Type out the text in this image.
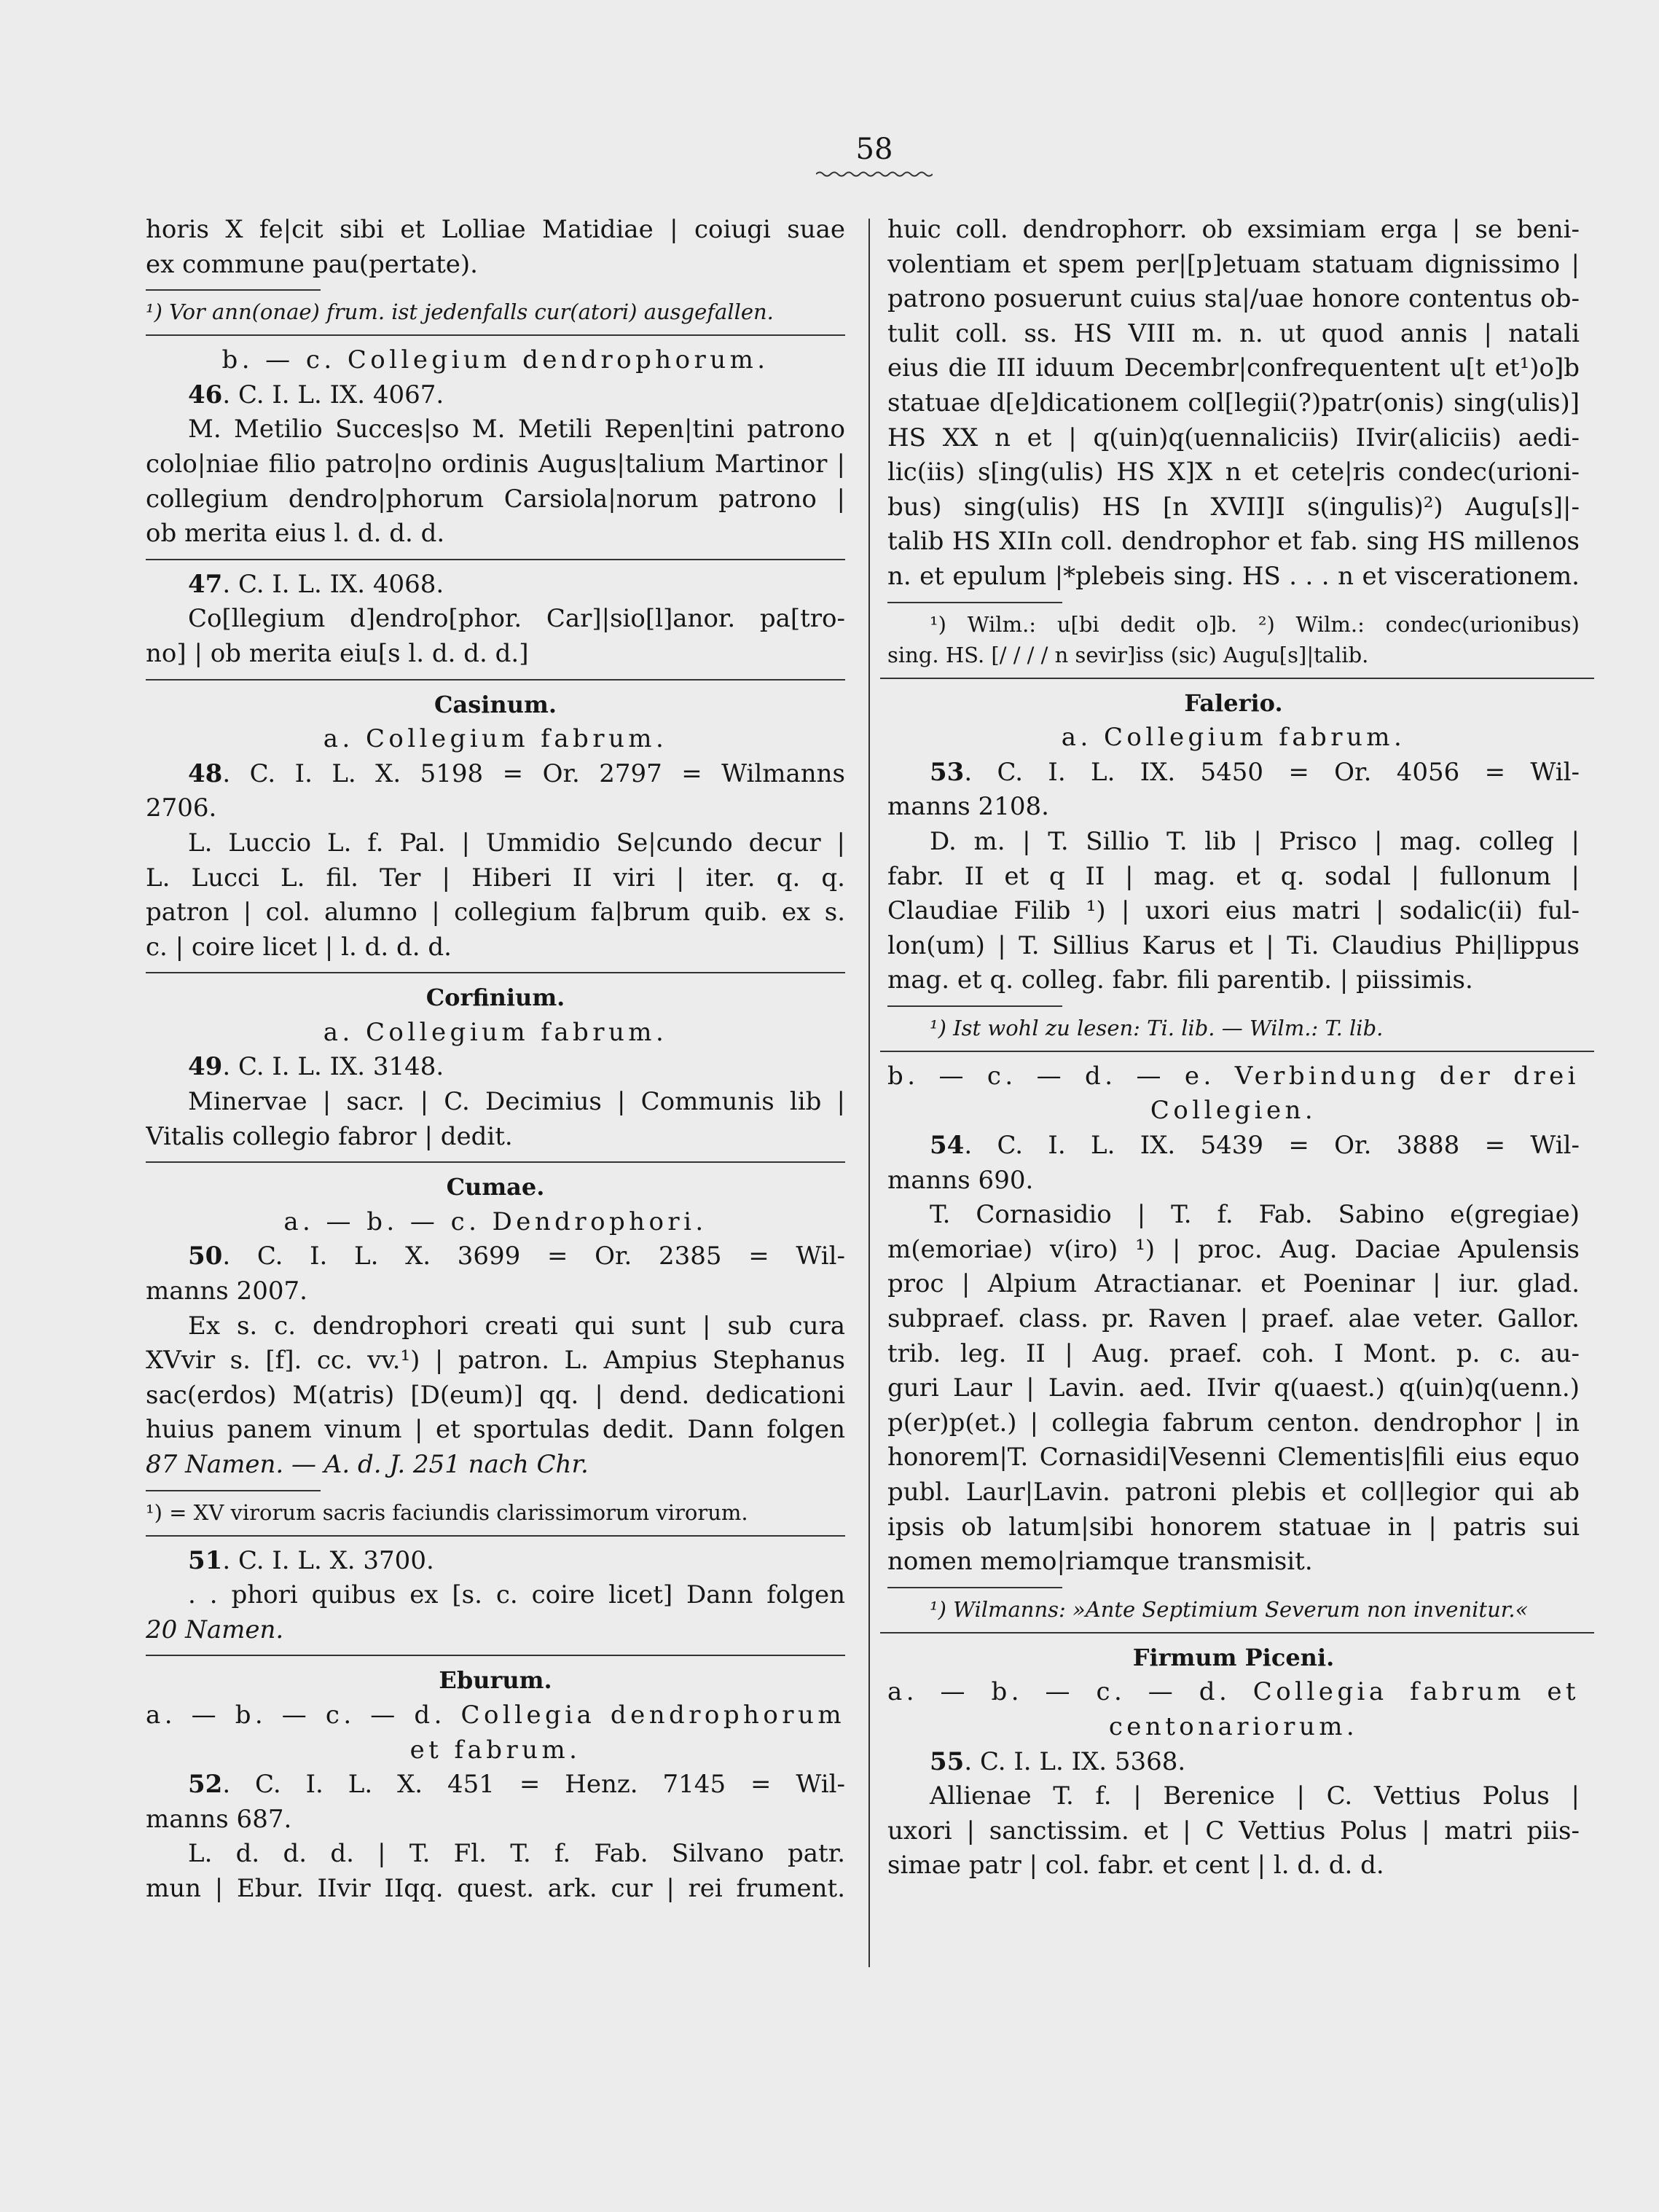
58
horis X fe|cit sibi et Lolliae Matidiae | coiugi suae
ex commune pau(pertate).
¹) Vor ann(onae) frum. ist jedenfalls cur(atori) ausgefallen.
b. — c. Collegium dendrophorum.
46. C. I. L. IX. 4067.
M. Metilio Succes|so M. Metili Repen|tini patrono
colo|niae filio patro|no ordinis Augus|talium Martinor |
collegium dendro|phorum Carsiola|norum patrono |
ob merita eius l. d. d. d.
47. C. I. L. IX. 4068.
Co[llegium d]endro[phor. Car]|sio[l]anor. pa[tro-
no] | ob merita eiu[s l. d. d. d.]
Casinum.
a. Collegium fabrum.
48. C. I. L. X. 5198 = Or. 2797 = Wilmanns
2706.
L. Luccio L. f. Pal. | Ummidio Se|cundo decur |
L. Lucci L. fil. Ter | Hiberi II viri | iter. q. q.
patron | col. alumno | collegium fa|brum quib. ex s.
c. | coire licet | l. d. d. d.
Corfinium.
a. Collegium fabrum.
49. C. I. L. IX. 3148.
Minervae | sacr. | C. Decimius | Communis lib |
Vitalis collegio fabror | dedit.
Cumae.
a. — b. — c. Dendrophori.
50. C. I. L. X. 3699 = Or. 2385 = Wil-
manns 2007.
Ex s. c. dendrophori creati qui sunt | sub cura
XVvir s. [f]. cc. vv.¹) | patron. L. Ampius Stephanus
sac(erdos) M(atris) [D(eum)] qq. | dend. dedicationi
huius panem vinum | et sportulas dedit. Dann folgen
87 Namen. — A. d. J. 251 nach Chr.
¹) = XV virorum sacris faciundis clarissimorum virorum.
51. C. I. L. X. 3700.
. . phori quibus ex [s. c. coire licet] Dann folgen
20 Namen.
Eburum.
a. — b. — c. — d. Collegia dendrophorum
et fabrum.
52. C. I. L. X. 451 = Henz. 7145 = Wil-
manns 687.
L. d. d. d. | T. Fl. T. f. Fab. Silvano patr.
mun | Ebur. IIvir IIqq. quest. ark. cur | rei frument.
huic coll. dendrophorr. ob exsimiam erga | se beni-
volentiam et spem per|[p]etuam statuam dignissimo |
patrono posuerunt cuius sta|/uae honore contentus ob-
tulit coll. ss. HS VIII m. n. ut quod annis | natali
eius die III iduum Decembr|confrequentent u[t et¹)o]b
statuae d[e]dicationem col[legii(?)patr(onis) sing(ulis)]
HS XX n et | q(uin)q(uennaliciis) IIvir(aliciis) aedi-
lic(iis) s[ing(ulis) HS X]X n et cete|ris condec(urioni-
bus) sing(ulis) HS [n XVII]I s(ingulis)²) Augu[s]|-
talib HS XIIn coll. dendrophor et fab. sing HS millenos
n. et epulum |*plebeis sing. HS . . . n et viscerationem.
¹) Wilm.: u[bi dedit o]b. ²) Wilm.: condec(urionibus)
sing. HS. [/ / / / n sevir]iss (sic) Augu[s]|talib.
Falerio.
a. Collegium fabrum.
53. C. I. L. IX. 5450 = Or. 4056 = Wil-
manns 2108.
D. m. | T. Sillio T. lib | Prisco | mag. colleg |
fabr. II et q II | mag. et q. sodal | fullonum |
Claudiae Filib ¹) | uxori eius matri | sodalic(ii) ful-
lon(um) | T. Sillius Karus et | Ti. Claudius Phi|lippus
mag. et q. colleg. fabr. fili parentib. | piissimis.
¹) Ist wohl zu lesen: Ti. lib. — Wilm.: T. lib.
b. — c. — d. — e. Verbindung der drei
Collegien.
54. C. I. L. IX. 5439 = Or. 3888 = Wil-
manns 690.
T. Cornasidio | T. f. Fab. Sabino e(gregiae)
m(emoriae) v(iro) ¹) | proc. Aug. Daciae Apulensis
proc | Alpium Atractianar. et Poeninar | iur. glad.
subpraef. class. pr. Raven | praef. alae veter. Gallor.
trib. leg. II | Aug. praef. coh. I Mont. p. c. au-
guri Laur | Lavin. aed. IIvir q(uaest.) q(uin)q(uenn.)
p(er)p(et.) | collegia fabrum centon. dendrophor | in
honorem|T. Cornasidi|Vesenni Clementis|fili eius equo
publ. Laur|Lavin. patroni plebis et col|legior qui ab
ipsis ob latum|sibi honorem statuae in | patris sui
nomen memo|riamque transmisit.
¹) Wilmanns: »Ante Septimium Severum non invenitur.«
Firmum Piceni.
a. — b. — c. — d. Collegia fabrum et
centonariorum.
55. C. I. L. IX. 5368.
Allienae T. f. | Berenice | C. Vettius Polus |
uxori | sanctissim. et | C Vettius Polus | matri piis-
simae patr | col. fabr. et cent | l. d. d. d.
